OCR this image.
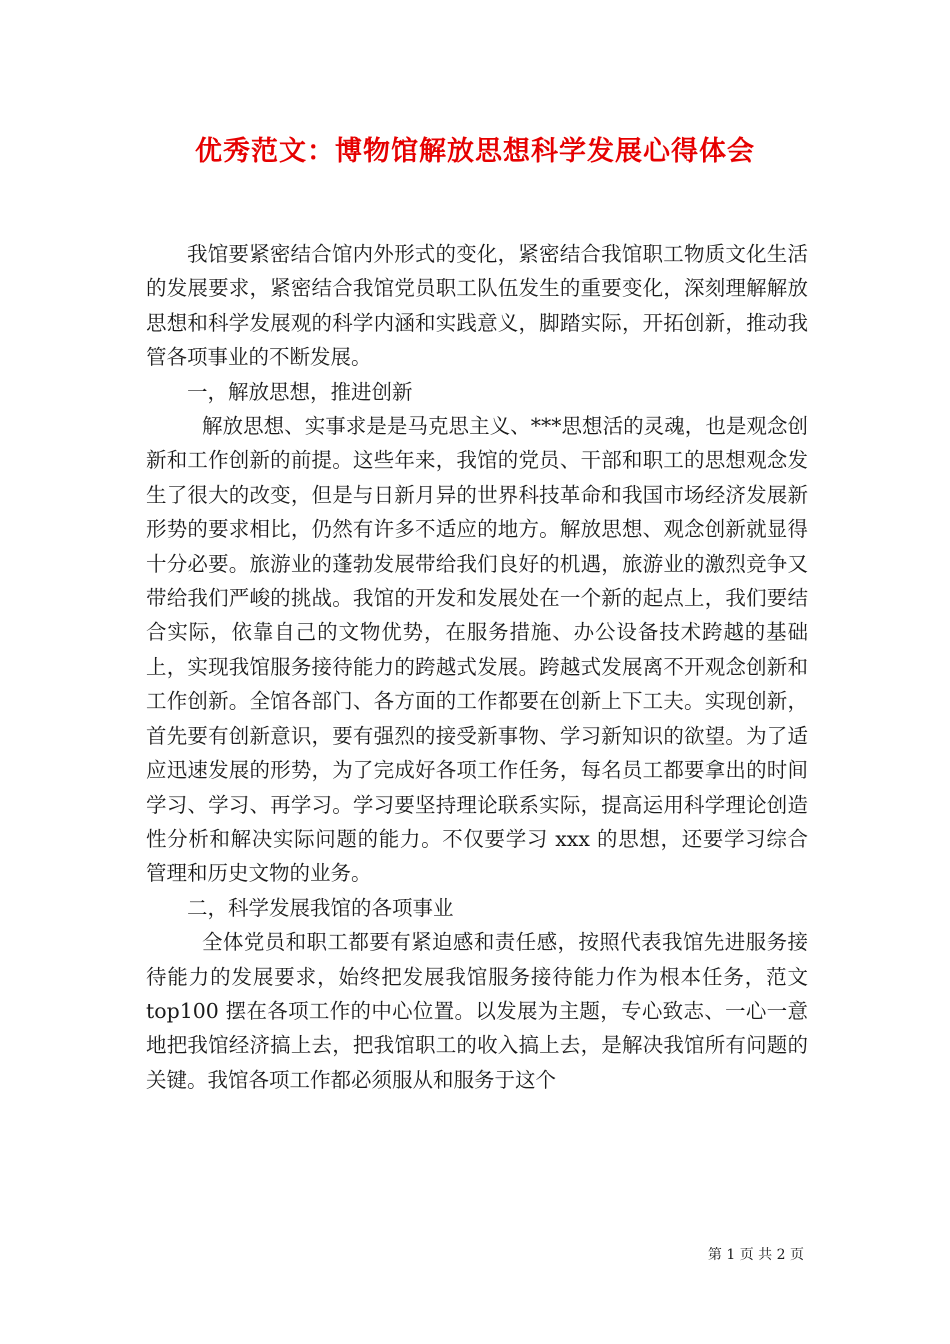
优秀范文：博物馆解放思想科学发展心得体会

我馆要紧密结合馆内外形式的变化，紧密结合我馆职工物质文化生活的发展要求，紧密结合我馆党员职工队伍发生的重要变化，深刻理解解放思想和科学发展观的科学内涵和实践意义，脚踏实际，开拓创新，推动我管各项事业的不断发展。

一，解放思想，推进创新

解放思想、实事求是是马克思主义、***思想活的灵魂，也是观念创新和工作创新的前提。这些年来，我馆的党员、干部和职工的思想观念发生了很大的改变，但是与日新月异的世界科技革命和我国市场经济发展新形势的要求相比，仍然有许多不适应的地方。解放思想、观念创新就显得十分必要。旅游业的蓬勃发展带给我们良好的机遇，旅游业的激烈竞争又带给我们严峻的挑战。我馆的开发和发展处在一个新的起点上，我们要结合实际，依靠自己的文物优势，在服务措施、办公设备技术跨越的基础上，实现我馆服务接待能力的跨越式发展。跨越式发展离不开观念创新和工作创新。全馆各部门、各方面的工作都要在创新上下工夫。实现创新，首先要有创新意识，要有强烈的接受新事物、学习新知识的欲望。为了适应迅速发展的形势，为了完成好各项工作任务，每名员工都要拿出的时间学习、学习、再学习。学习要坚持理论联系实际，提高运用科学理论创造性分析和解决实际问题的能力。不仅要学习 xxx 的思想，还要学习综合管理和历史文物的业务。

二，科学发展我馆的各项事业

全体党员和职工都要有紧迫感和责任感，按照代表我馆先进服务接待能力的发展要求，始终把发展我馆服务接待能力作为根本任务，范文 top100 摆在各项工作的中心位置。以发展为主题，专心致志、一心一意地把我馆经济搞上去，把我馆职工的收入搞上去，是解决我馆所有问题的关键。我馆各项工作都必须服从和服务于这个

第 1 页 共 2 页
